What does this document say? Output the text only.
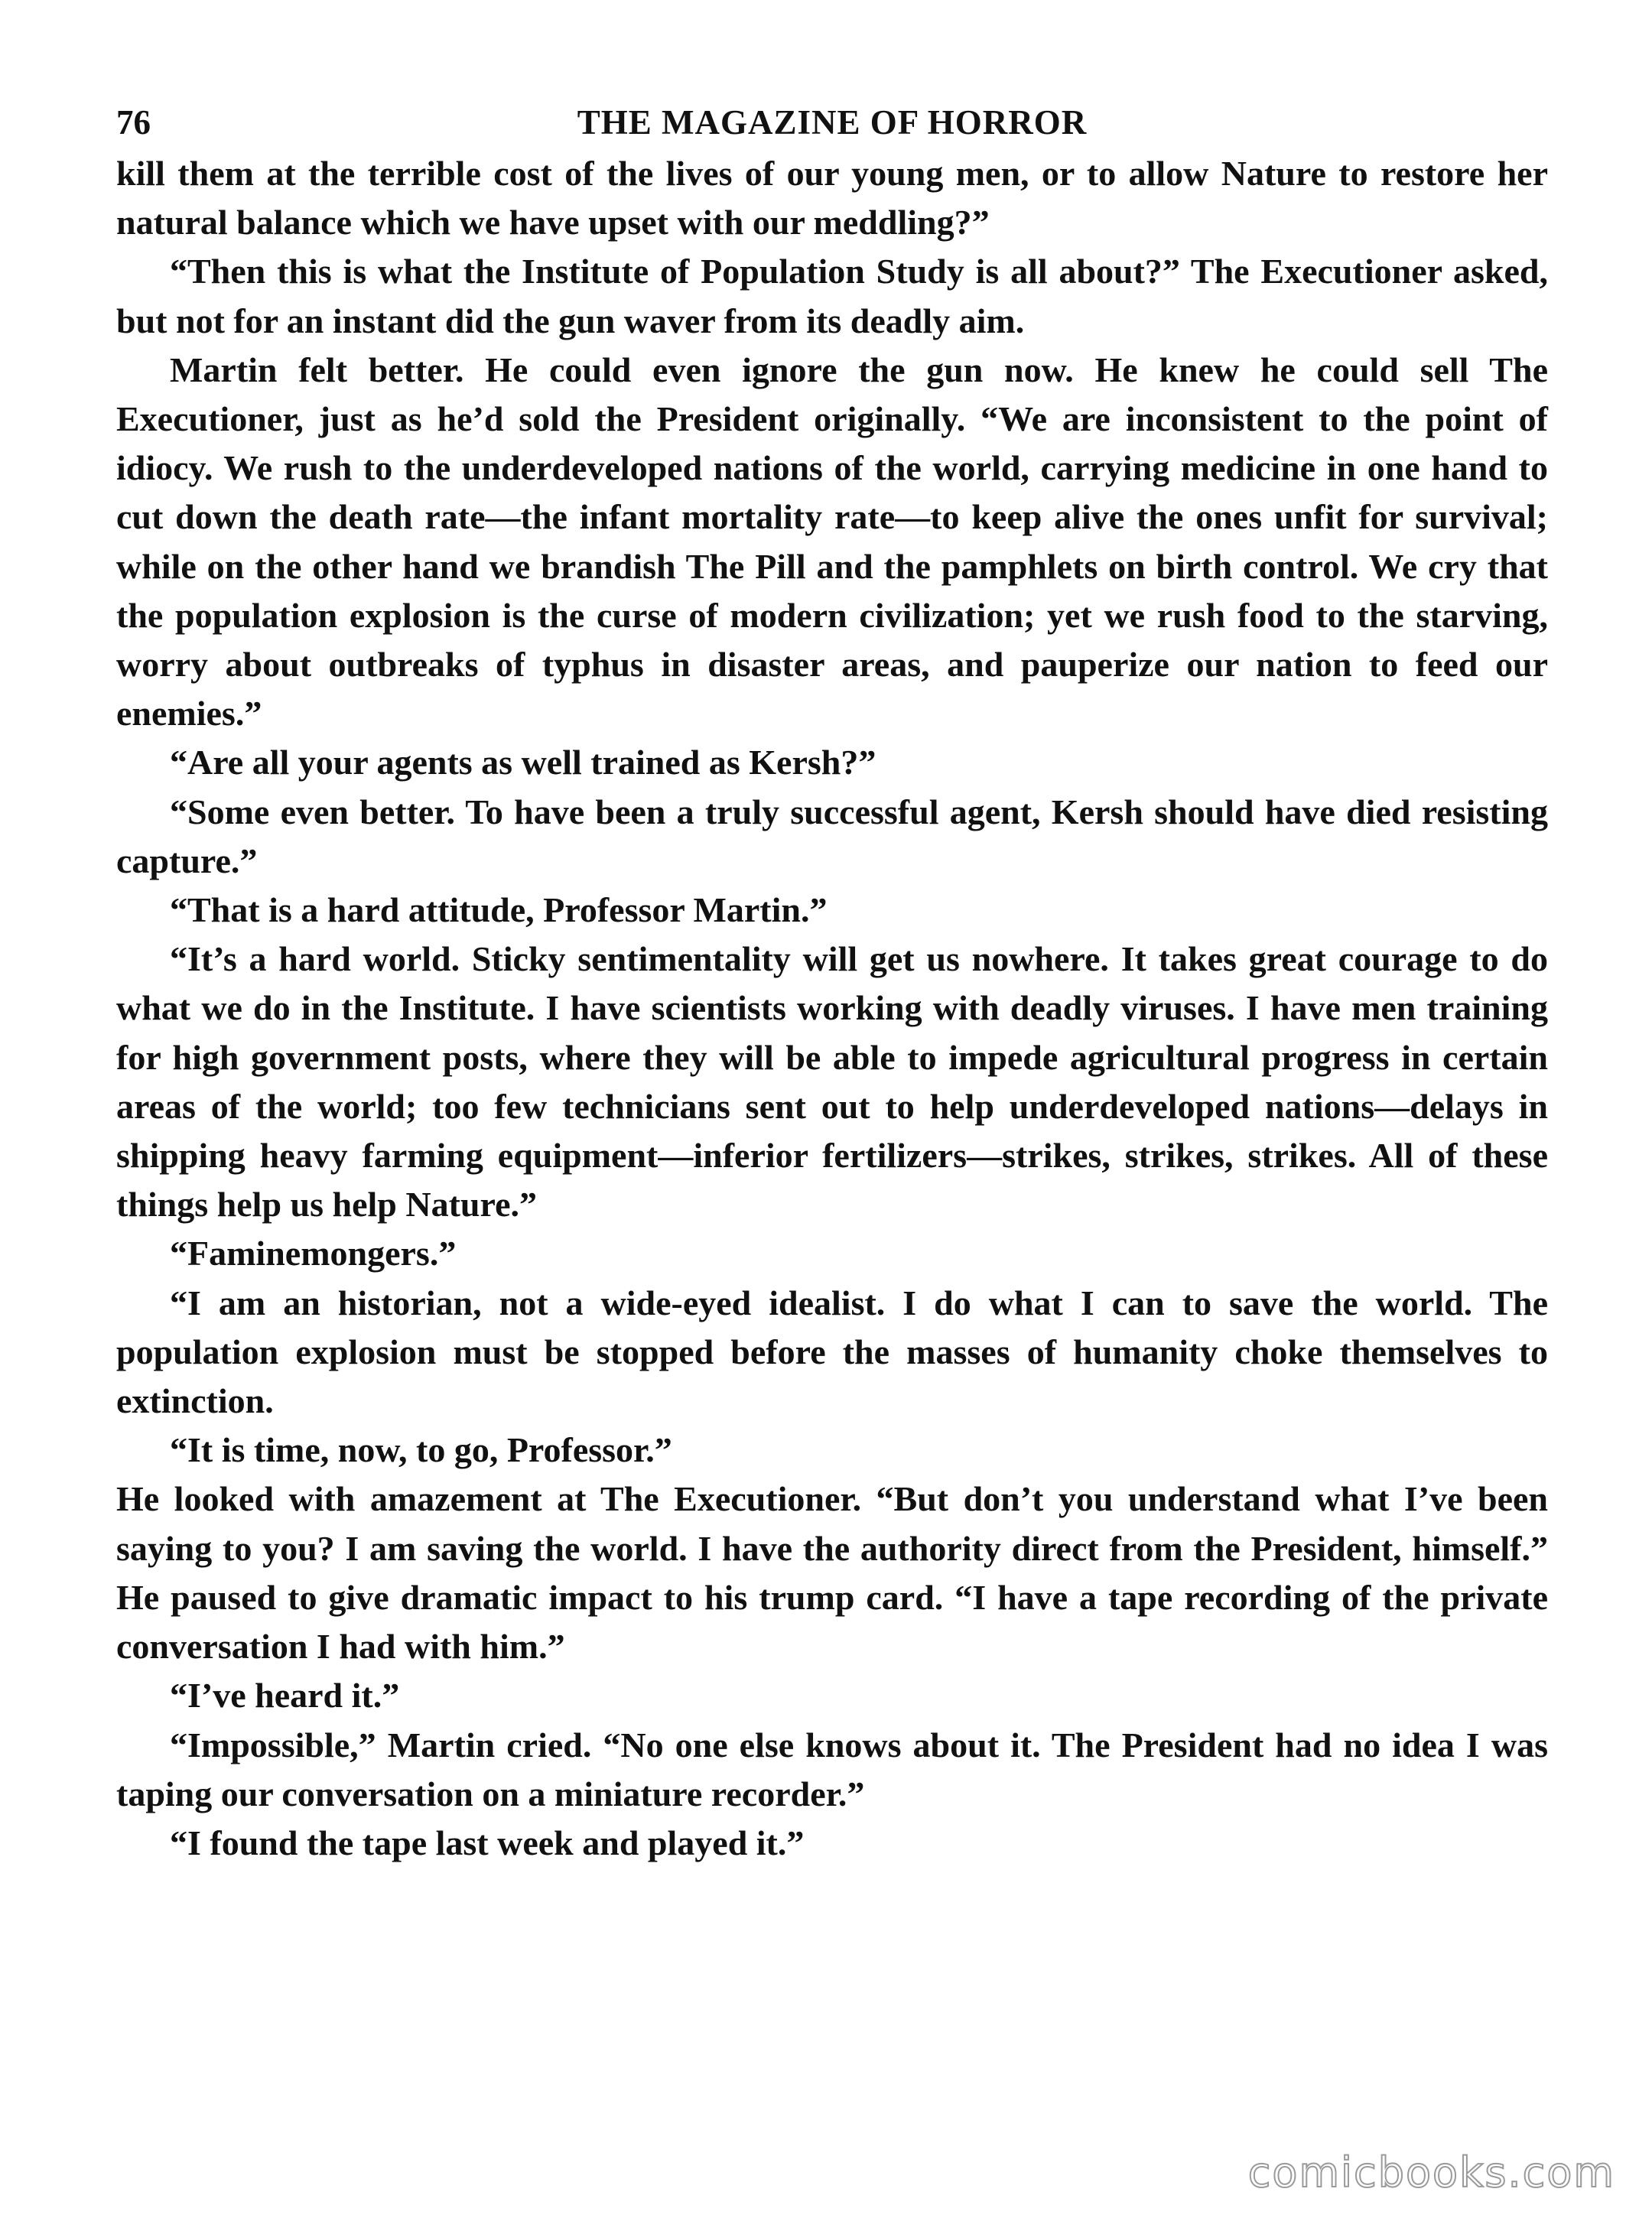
76	THE MAGAZINE OF HORROR

kill them at the terrible cost of the lives of our young men, or to allow Nature to restore her natural balance which we have upset with our meddling?”

“Then this is what the Institute of Population Study is all about?” The Executioner asked, but not for an instant did the gun waver from its deadly aim.

Martin felt better. He could even ignore the gun now. He knew he could sell The Executioner, just as he’d sold the President originally. “We are inconsistent to the point of idiocy. We rush to the underdeveloped nations of the world, carrying medicine in one hand to cut down the death rate—the infant mortality rate—to keep alive the ones unfit for survival; while on the other hand we brandish The Pill and the pamphlets on birth control. We cry that the population explosion is the curse of modern civilization; yet we rush food to the starving, worry about outbreaks of typhus in disaster areas, and pauperize our nation to feed our enemies.”

“Are all your agents as well trained as Kersh?”

“Some even better. To have been a truly successful agent, Kersh should have died resisting capture.”

“That is a hard attitude, Professor Martin.”

“It’s a hard world. Sticky sentimentality will get us nowhere. It takes great courage to do what we do in the Institute. I have scientists working with deadly viruses. I have men training for high government posts, where they will be able to impede agricultural progress in certain areas of the world; too few technicians sent out to help underdeveloped nations—delays in shipping heavy farming equipment—inferior fertilizers—strikes, strikes, strikes. All of these things help us help Nature.”

“Faminemongers.”

“I am an historian, not a wide-eyed idealist. I do what I can to save the world. The population explosion must be stopped before the masses of humanity choke themselves to extinction.

“It is time, now, to go, Professor.”

He looked with amazement at The Executioner. “But don’t you understand what I’ve been saying to you? I am saving the world. I have the authority direct from the President, himself.” He paused to give dramatic impact to his trump card. “I have a tape recording of the private conversation I had with him.”

“I’ve heard it.”

“Impossible,” Martin cried. “No one else knows about it. The President had no idea I was taping our conversation on a miniature recorder.”

“I found the tape last week and played it.”

comicbooks.com
